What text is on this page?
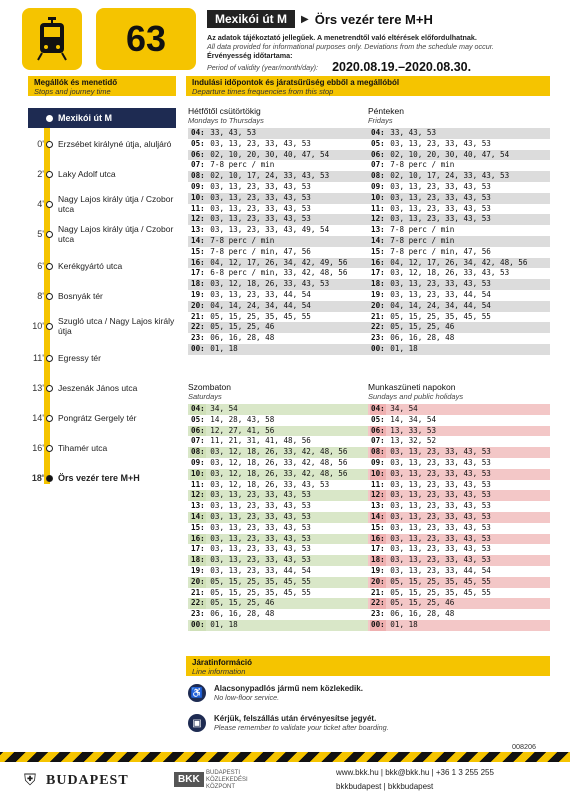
63	Mexikói út M	▶ Örs vezér tere M+H
Az adatok tájékoztató jellegűek. A menetrendtől való eltérések előfordulhatnak.
All data provided for informational purposes only. Deviations from the schedule may occur.
Érvényesség időtartama:
Period of validity (year/month/day): 2020.08.19.–2020.08.30.
Megállók és menetidő
Stops and journey time
Indulási időpontok és járatsűrűség ebből a megállóból
Departure times frequencies from this stop
Mexikói út M
0' Erzsébet királyné útja, aluljáró
2' Laky Adolf utca
4' Nagy Lajos király útja / Czobor utca
5' Nagy Lajos király útja / Czobor utca
6' Kerékgyártó utca
8' Bosnyák tér
10' Szugló utca / Nagy Lajos király útja
11' Egressy tér
13' Jeszenák János utca
14' Pongrátz Gergely tér
16' Tihamér utca
18' Örs vezér tere M+H
Hétfőtől csütörtökig
Mondays to Thursdays
04: 33, 43, 53
05: 03, 13, 23, 33, 43, 53
06: 02, 10, 20, 30, 40, 47, 54
07: 7-8 perc / min
08: 02, 10, 17, 24, 33, 43, 53
09: 03, 13, 23, 33, 43, 53
10: 03, 13, 23, 33, 43, 53
11: 03, 13, 23, 33, 43, 53
12: 03, 13, 23, 33, 43, 53
13: 03, 13, 23, 33, 43, 49, 54
14: 7-8 perc / min
15: 7-8 perc / min, 47, 56
16: 04, 12, 17, 26, 34, 42, 49, 56
17: 6-8 perc / min, 33, 42, 48, 56
18: 03, 12, 18, 26, 33, 43, 53
19: 03, 13, 23, 33, 44, 54
20: 04, 14, 24, 34, 44, 54
21: 05, 15, 25, 35, 45, 55
22: 05, 15, 25, 46
23: 06, 16, 28, 48
00: 01, 18
Pénteken
Fridays
04: 33, 43, 53
05: 03, 13, 23, 33, 43, 53
06: 02, 10, 20, 30, 40, 47, 54
07: 7-8 perc / min
08: 02, 10, 17, 24, 33, 43, 53
09: 03, 13, 23, 33, 43, 53
10: 03, 13, 23, 33, 43, 53
11: 03, 13, 23, 33, 43, 53
12: 03, 13, 23, 33, 43, 53
13: 7-8 perc / min
14: 7-8 perc / min
15: 7-8 perc / min, 47, 56
16: 04, 12, 17, 26, 34, 42, 48, 56
17: 03, 12, 18, 26, 33, 43, 53
18: 03, 13, 23, 33, 43, 53
19: 03, 13, 23, 33, 44, 54
20: 04, 14, 24, 34, 44, 54
21: 05, 15, 25, 35, 45, 55
22: 05, 15, 25, 46
23: 06, 16, 28, 48
00: 01, 18
Szombaton
Saturdays
04: 34, 54
05: 14, 28, 43, 58
06: 12, 27, 41, 56
07: 11, 21, 31, 41, 48, 56
08: 03, 12, 18, 26, 33, 42, 48, 56
09: 03, 12, 18, 26, 33, 42, 48, 56
10: 03, 12, 18, 26, 33, 42, 48, 56
11: 03, 12, 18, 26, 33, 43, 53
12: 03, 13, 23, 33, 43, 53
13: 03, 13, 23, 33, 43, 53
14: 03, 13, 23, 33, 43, 53
15: 03, 13, 23, 33, 43, 53
16: 03, 13, 23, 33, 43, 53
17: 03, 13, 23, 33, 43, 53
18: 03, 13, 23, 33, 43, 53
19: 03, 13, 23, 33, 44, 54
20: 05, 15, 25, 35, 45, 55
21: 05, 15, 25, 35, 45, 55
22: 05, 15, 25, 46
23: 06, 16, 28, 48
00: 01, 18
Munkaszüneti napokon
Sundays and public holidays
04: 34, 54
05: 14, 34, 54
06: 13, 33, 53
07: 13, 32, 52
08: 03, 13, 23, 33, 43, 53
09: 03, 13, 23, 33, 43, 53
10: 03, 13, 23, 33, 43, 53
11: 03, 13, 23, 33, 43, 53
12: 03, 13, 23, 33, 43, 53
13: 03, 13, 23, 33, 43, 53
14: 03, 13, 23, 33, 43, 53
15: 03, 13, 23, 33, 43, 53
16: 03, 13, 23, 33, 43, 53
17: 03, 13, 23, 33, 43, 53
18: 03, 13, 23, 33, 43, 53
19: 03, 13, 23, 33, 44, 54
20: 05, 15, 25, 35, 45, 55
21: 05, 15, 25, 35, 45, 55
22: 05, 15, 25, 46
23: 06, 16, 28, 48
00: 01, 18
Járatinformáció
Line information
♿	Alacsonypadlós jármű nem közlekedik.
No low-floor service.
▣	Kérjük, felszállás után érvényesítse jegyét.
Please remember to validate your ticket after boarding.
008206
⛨ BUDAPEST	BKK
BUDAPESTI KÖZLEKEDÉSI KÖZPONT
www.bkk.hu | bkk@bkk.hu | +36 1 3 255 255
bkkbudapest | bkkbudapest
